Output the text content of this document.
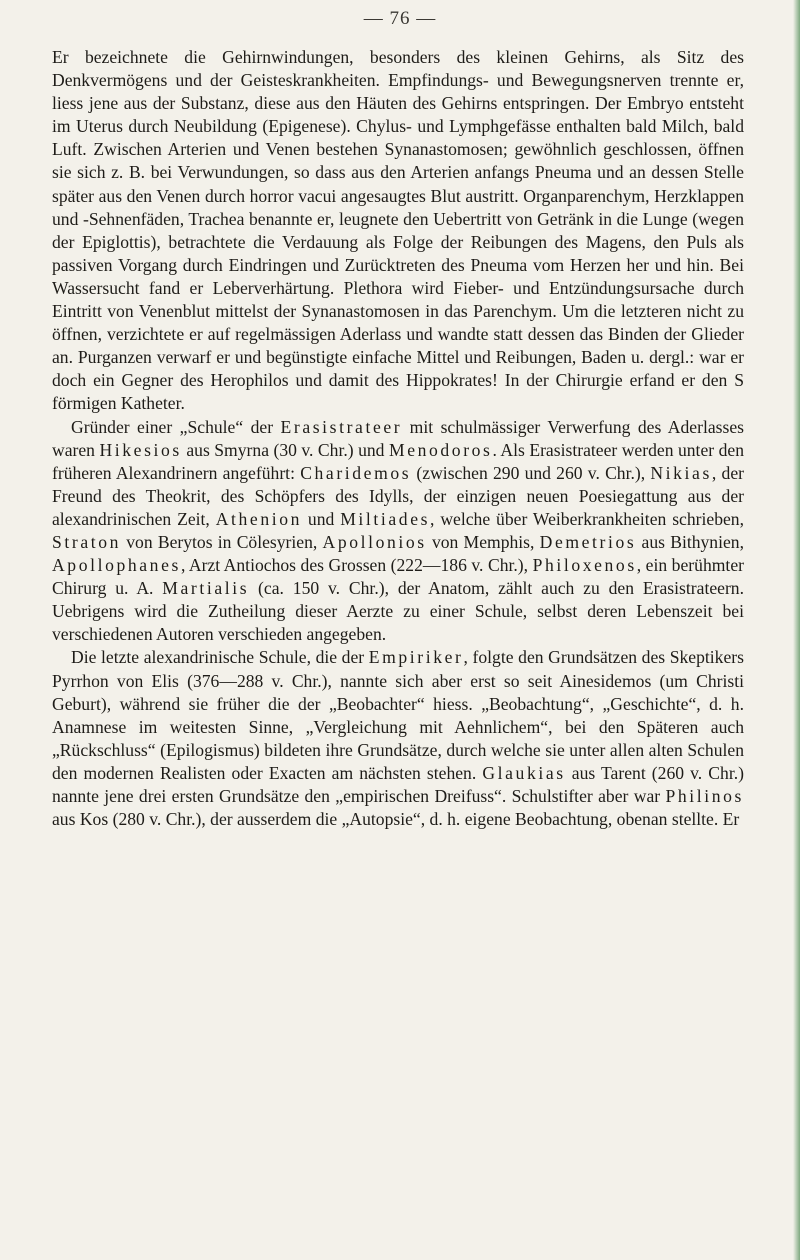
— 76 —

Er bezeichnete die Gehirnwindungen, besonders des kleinen Gehirns, als Sitz des Denkvermögens und der Geisteskrankheiten. Empfindungs- und Bewegungsnerven trennte er, liess jene aus der Substanz, diese aus den Häuten des Gehirns entspringen. Der Embryo entsteht im Uterus durch Neubildung (Epigenese). Chylus- und Lymphgefässe enthalten bald Milch, bald Luft. Zwischen Arterien und Venen bestehen Synanastomosen; gewöhnlich geschlossen, öffnen sie sich z. B. bei Verwundungen, so dass aus den Arterien anfangs Pneuma und an dessen Stelle später aus den Venen durch horror vacui angesaugtes Blut austritt. Organparenchym, Herzklappen und -Sehnenfäden, Trachea benannte er, leugnete den Uebertritt von Getränk in die Lunge (wegen der Epiglottis), betrachtete die Verdauung als Folge der Reibungen des Magens, den Puls als passiven Vorgang durch Eindringen und Zurücktreten des Pneuma vom Herzen her und hin. Bei Wassersucht fand er Leberverhärtung. Plethora wird Fieber- und Entzündungsursache durch Eintritt von Venenblut mittelst der Synanastomosen in das Parenchym. Um die letzteren nicht zu öffnen, verzichtete er auf regelmässigen Aderlass und wandte statt dessen das Binden der Glieder an. Purganzen verwarf er und begünstigte einfache Mittel und Reibungen, Baden u. dergl.: war er doch ein Gegner des Herophilos und damit des Hippokrates! In der Chirurgie erfand er den S förmigen Katheter.

Gründer einer „Schule“ der Erasistrateer mit schulmässiger Verwerfung des Aderlasses waren Hikesios aus Smyrna (30 v. Chr.) und Menodoros. Als Erasistrateer werden unter den früheren Alexandrinern angeführt: Charidemos (zwischen 290 und 260 v. Chr.), Nikias, der Freund des Theokrit, des Schöpfers des Idylls, der einzigen neuen Poesiegattung aus der alexandrinischen Zeit, Athenion und Miltiades, welche über Weiberkrankheiten schrieben, Straton von Berytos in Cölesyrien, Apollonios von Memphis, Demetrios aus Bithynien, Apollophanes, Arzt Antiochos des Grossen (222—186 v. Chr.), Philoxenos, ein berühmter Chirurg u. A. Martialis (ca. 150 v. Chr.), der Anatom, zählt auch zu den Erasistrateern. Uebrigens wird die Zutheilung dieser Aerzte zu einer Schule, selbst deren Lebenszeit bei verschiedenen Autoren verschieden angegeben.

Die letzte alexandrinische Schule, die der Empiriker, folgte den Grundsätzen des Skeptikers Pyrrhon von Elis (376—288 v. Chr.), nannte sich aber erst so seit Ainesidemos (um Christi Geburt), während sie früher die der „Beobachter“ hiess. „Beobachtung“, „Geschichte“, d. h. Anamnese im weitesten Sinne, „Vergleichung mit Aehnlichem“, bei den Späteren auch „Rückschluss“ (Epilogismus) bildeten ihre Grundsätze, durch welche sie unter allen alten Schulen den modernen Realisten oder Exacten am nächsten stehen. Glaukias aus Tarent (260 v. Chr.) nannte jene drei ersten Grundsätze den „empirischen Dreifuss“. Schulstifter aber war Philinos aus Kos (280 v. Chr.), der ausserdem die „Autopsie“, d. h. eigene Beobachtung, obenan stellte. Er
